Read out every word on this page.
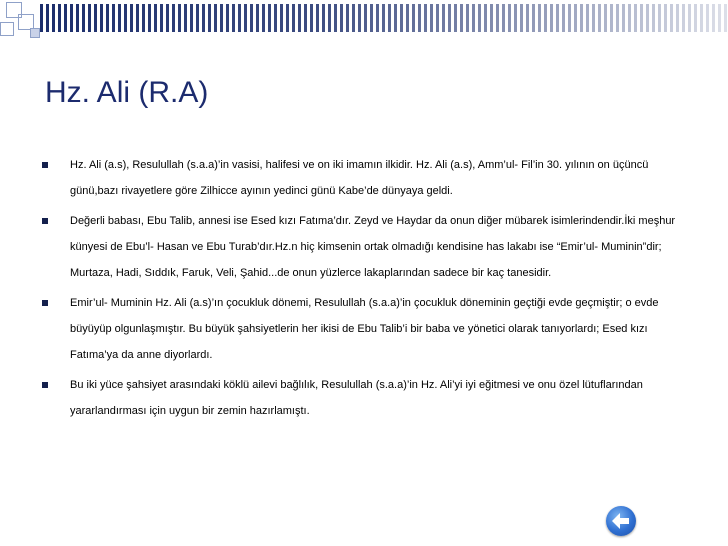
Hz. Ali (R.A)
Hz. Ali (a.s), Resulullah (s.a.a)’in vasisi, halifesi ve on iki imamın ilkidir. Hz. Ali (a.s), Amm’ul- Fil’in 30. yılının on üçüncü günü,bazı rivayetlere göre Zilhicce ayının yedinci günü Kabe’de dünyaya geldi.
Değerli babası, Ebu Talib, annesi ise Esed kızı Fatıma’dır. Zeyd ve Haydar da onun diğer mübarek isimlerindendir.İki meşhur künyesi de Ebu’l- Hasan ve Ebu Turab’dır.Hz.n hiç kimsenin ortak olmadığı kendisine has lakabı ise “Emir’ul- Muminin”dir; Murtaza, Hadi, Sıddık, Faruk, Veli, Şahid...de onun yüzlerce lakaplarından sadece bir kaç tanesidir.
Emir’ul- Muminin Hz. Ali (a.s)’ın çocukluk dönemi, Resulullah (s.a.a)’in çocukluk döneminin geçtiği evde geçmiştir; o evde büyüyüp olgunlaşmıştır. Bu büyük şahsiyetlerin her ikisi de Ebu Talib’i bir baba ve yönetici olarak tanıyorlardı; Esed kızı Fatıma’ya da anne diyorlardı.
Bu iki yüce şahsiyet arasındaki köklü ailevi bağlılık, Resulullah (s.a.a)’in Hz. Ali’yi iyi eğitmesi ve onu özel lütuflarından yararlandırması için uygun bir zemin hazırlamıştı.
